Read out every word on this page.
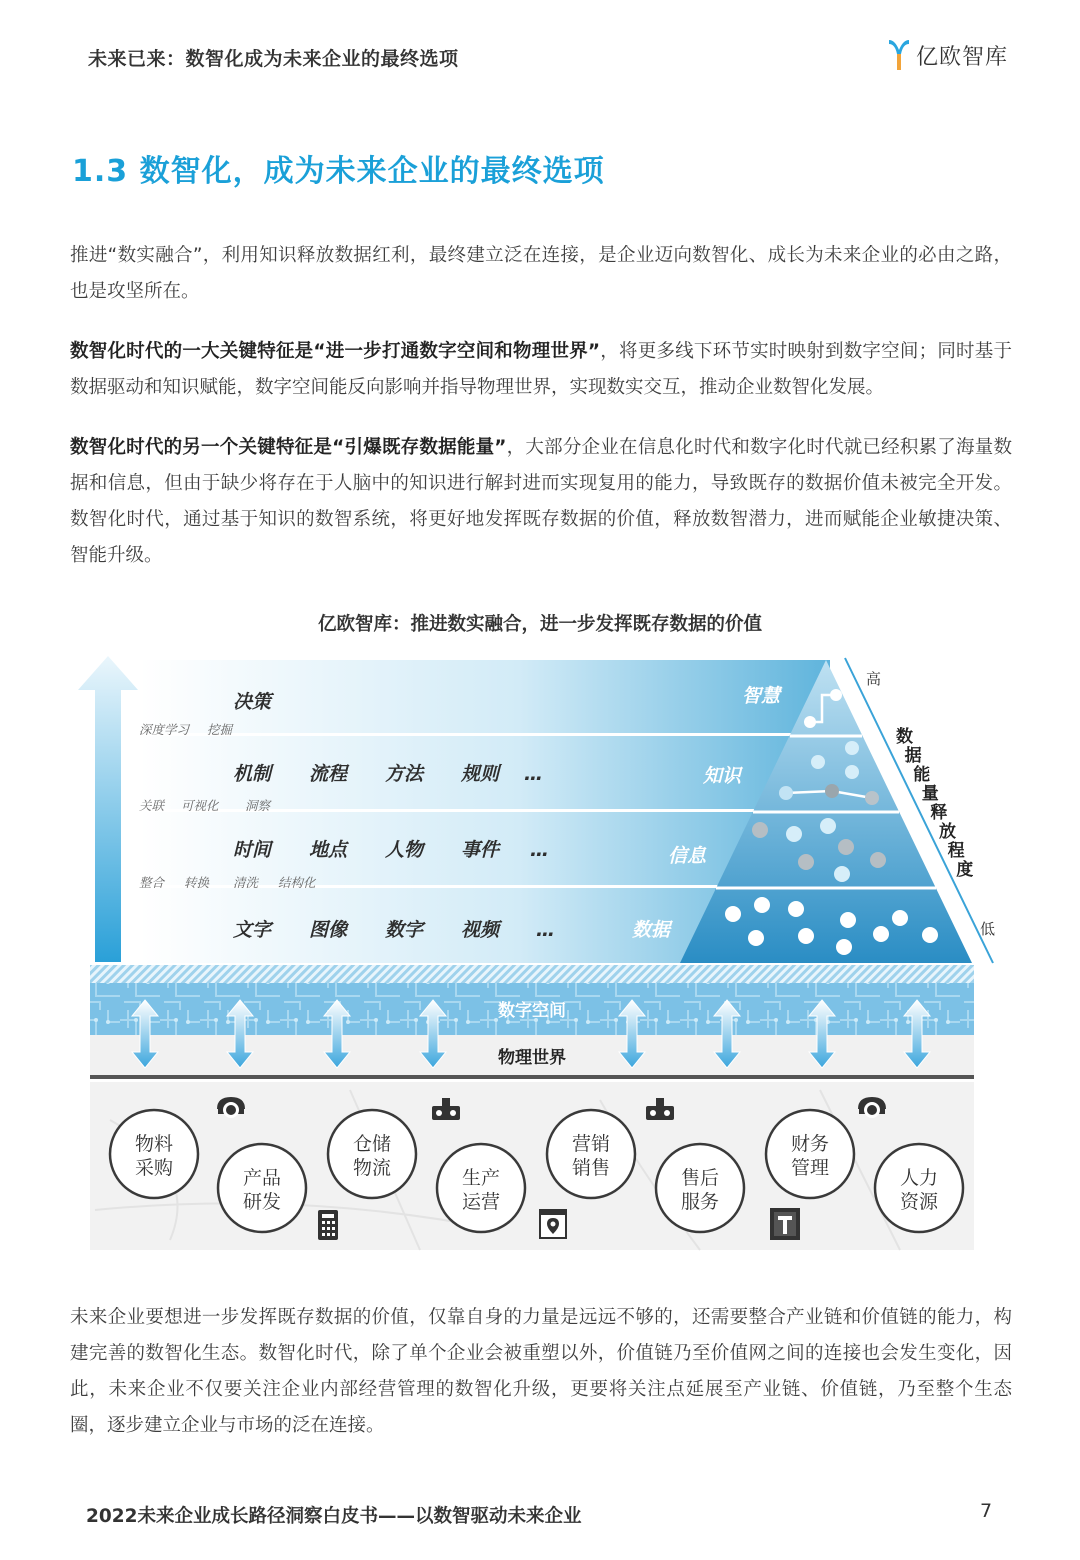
未来已来：数智化成为未来企业的最终选项	亿欧智库
1.3 数智化，成为未来企业的最终选项

推进“数实融合”，利用知识释放数据红利，最终建立泛在连接，是企业迈向数智化、成长为未来企业的必由之路，也是攻坚所在。

数智化时代的一大关键特征是“进一步打通数字空间和物理世界”，将更多线下环节实时映射到数字空间；同时基于数据驱动和知识赋能，数字空间能反向影响并指导物理世界，实现数实交互，推动企业数智化发展。

数智化时代的另一个关键特征是“引爆既存数据能量”，大部分企业在信息化时代和数字化时代就已经积累了海量数据和信息，但由于缺少将存在于人脑中的知识进行解封进而实现复用的能力，导致既存的数据价值未被完全开发。数智化时代，通过基于知识的数智系统，将更好地发挥既存数据的价值，释放数智潜力，进而赋能企业敏捷决策、智能升级。

亿欧智库：推进数实融合，进一步发挥既存数据的价值
智慧
知识
信息
数据
决策
深度学习 挖掘
机制 流程 方法 规则 …
关联 可视化 洞察
时间 地点 人物 事件 …
整合 转换 清洗 结构化
文字 图像 数字 视频 …
高
低
数据能量释放程度
数字空间
物理世界
物料
采购	产品
研发
仓储
物流	生产
运营
营销
销售	售后
服务
财务
管理	人力
资源

未来企业要想进一步发挥既存数据的价值，仅靠自身的力量是远远不够的，还需要整合产业链和价值链的能力，构建完善的数智化生态。数智化时代，除了单个企业会被重塑以外，价值链乃至价值网之间的连接也会发生变化，因此，未来企业不仅要关注企业内部经营管理的数智化升级，更要将关注点延展至产业链、价值链，乃至整个生态圈，逐步建立企业与市场的泛在连接。

2022未来企业成长路径洞察白皮书——以数智驱动未来企业	7
